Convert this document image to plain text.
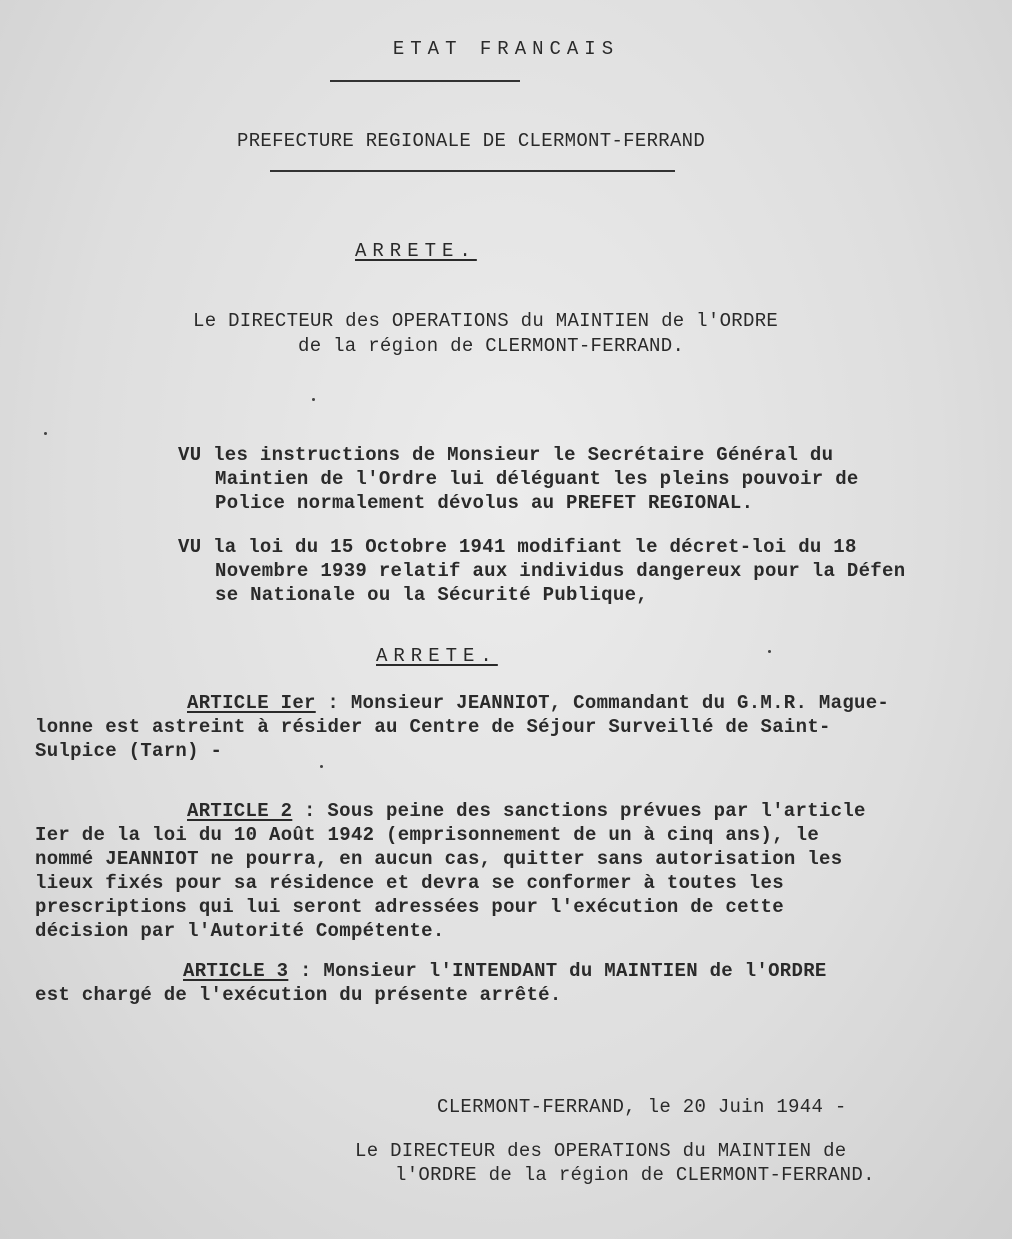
ETAT FRANCAIS
PREFECTURE REGIONALE DE CLERMONT-FERRAND
ARRETE.
Le DIRECTEUR des OPERATIONS du MAINTIEN de l'ORDRE
de la région de CLERMONT-FERRAND.
VU les instructions de Monsieur le Secrétaire Général du
Maintien de l'Ordre lui déléguant les pleins pouvoir de
Police normalement dévolus au PREFET REGIONAL.
VU la loi du 15 Octobre 1941 modifiant le décret-loi du 18
Novembre 1939 relatif aux individus dangereux pour la Défen
se Nationale ou la Sécurité Publique,
ARRETE.
ARTICLE Ier : Monsieur JEANNIOT, Commandant du G.M.R. Mague-
lonne est astreint à résider au Centre de Séjour Surveillé de Saint-
Sulpice (Tarn) -
ARTICLE 2 : Sous peine des sanctions prévues par l'article
Ier de la loi du 10 Août 1942 (emprisonnement de un à cinq ans), le
nommé JEANNIOT ne pourra, en aucun cas, quitter sans autorisation les
lieux fixés pour sa résidence et devra se conformer à toutes les
prescriptions qui lui seront adressées pour l'exécution de cette
décision par l'Autorité Compétente.
ARTICLE 3 : Monsieur l'INTENDANT du MAINTIEN de l'ORDRE
est chargé de l'exécution du présente arrêté.
CLERMONT-FERRAND, le 20 Juin 1944 -
Le DIRECTEUR des OPERATIONS du MAINTIEN de
l'ORDRE de la région de CLERMONT-FERRAND.
